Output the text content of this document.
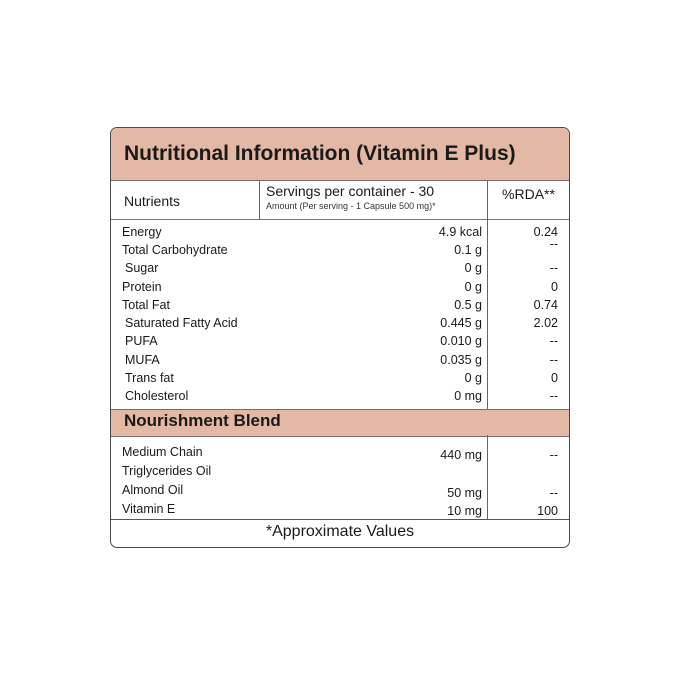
Nutritional Information (Vitamin E Plus)
Nutrients
Servings per container - 30
Amount (Per serving - 1 Capsule 500 mg)*
%RDA**
Energy	4.9 kcal	0.24
Total Carbohydrate	0.1 g	--
Sugar	0 g	--
Protein	0 g	0
Total Fat	0.5 g	0.74
Saturated Fatty Acid	0.445 g	2.02
PUFA	0.010 g	--
MUFA	0.035 g	--
Trans fat	0 g	0
Cholesterol	0 mg	--
Nourishment Blend
Medium Chain	440 mg	--
Triglycerides Oil
Almond Oil	50 mg	--
Vitamin E	10 mg	100
*Approximate Values
